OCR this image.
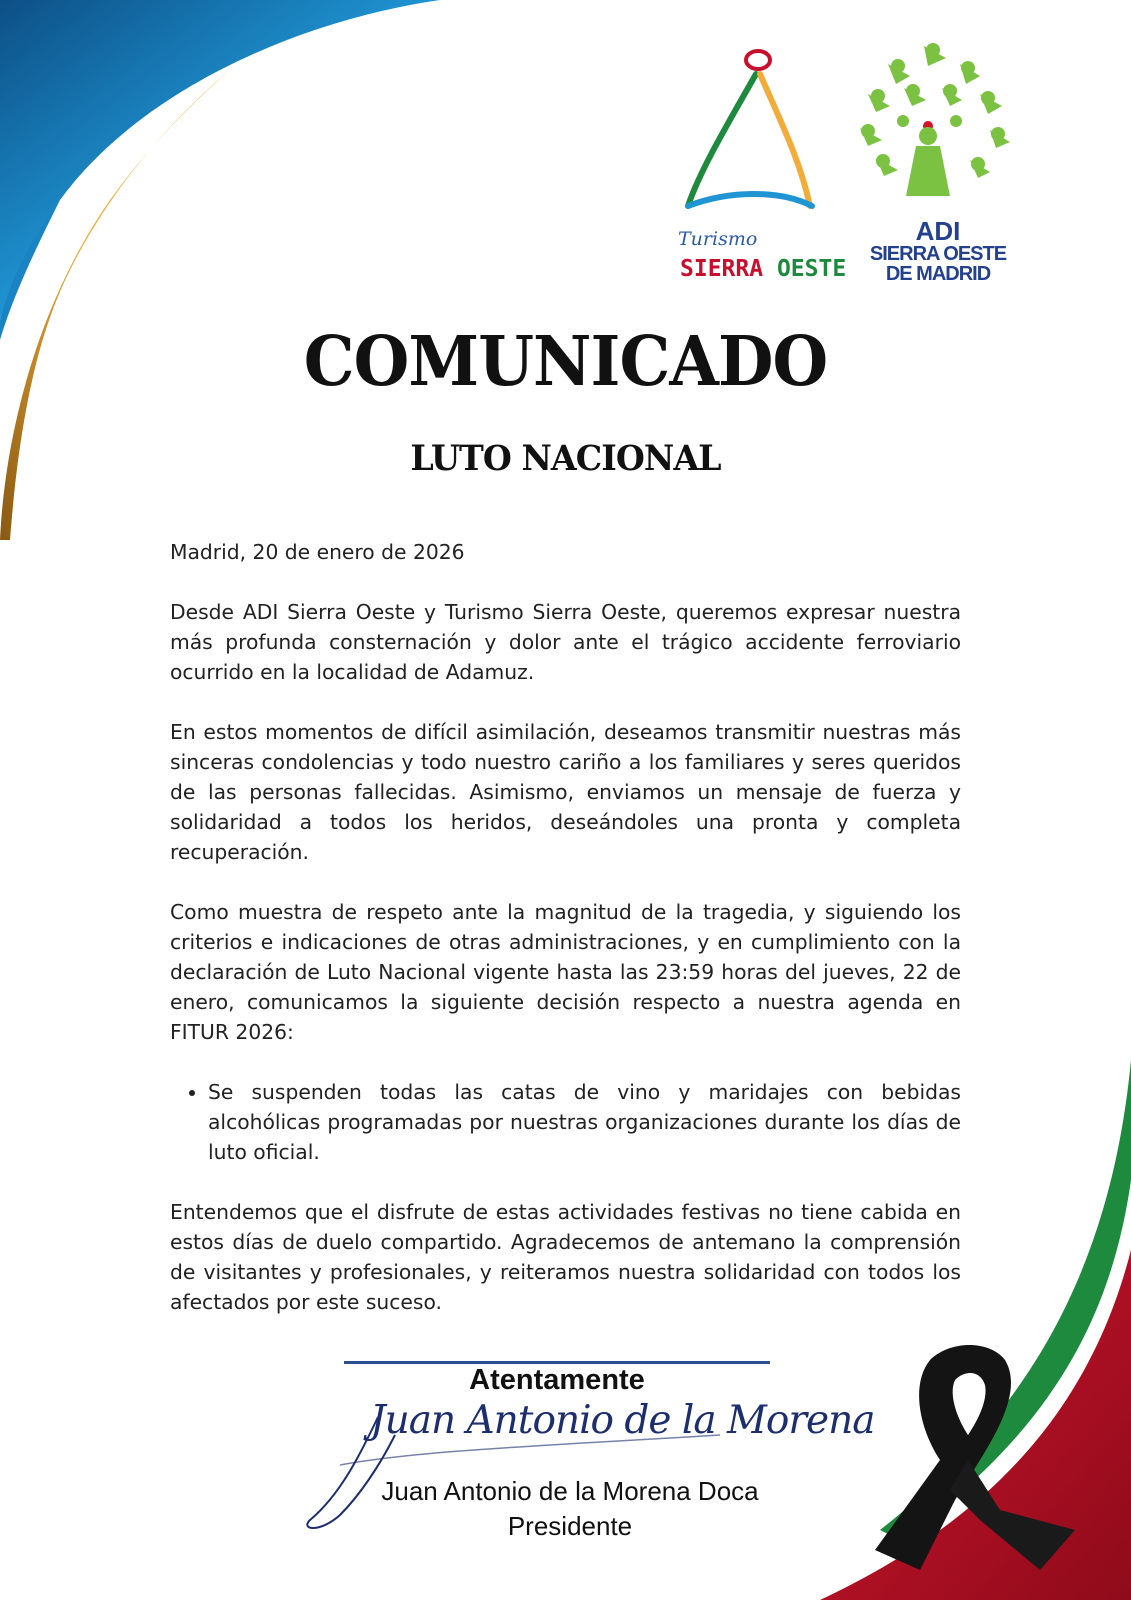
Turismo
SIERRA OESTE
ADI
SIERRA OESTE
DE MADRID
COMUNICADO
LUTO NACIONAL

Madrid, 20 de enero de 2026

Desde ADI Sierra Oeste y Turismo Sierra Oeste, queremos expresar nuestra más profunda consternación y dolor ante el trágico accidente ferroviario ocurrido en la localidad de Adamuz.

En estos momentos de difícil asimilación, deseamos transmitir nuestras más sinceras condolencias y todo nuestro cariño a los familiares y seres queridos de las personas fallecidas. Asimismo, enviamos un mensaje de fuerza y solidaridad a todos los heridos, deseándoles una pronta y completa recuperación.

Como muestra de respeto ante la magnitud de la tragedia, y siguiendo los criterios e indicaciones de otras administraciones, y en cumplimiento con la declaración de Luto Nacional vigente hasta las 23:59 horas del jueves, 22 de enero, comunicamos la siguiente decisión respecto a nuestra agenda en FITUR 2026:

• Se suspenden todas las catas de vino y maridajes con bebidas alcohólicas programadas por nuestras organizaciones durante los días de luto oficial.

Entendemos que el disfrute de estas actividades festivas no tiene cabida en estos días de duelo compartido. Agradecemos de antemano la comprensión de visitantes y profesionales, y reiteramos nuestra solidaridad con todos los afectados por este suceso.

Atentamente
Juan Antonio de la Morena
Juan Antonio de la Morena Doca
Presidente
